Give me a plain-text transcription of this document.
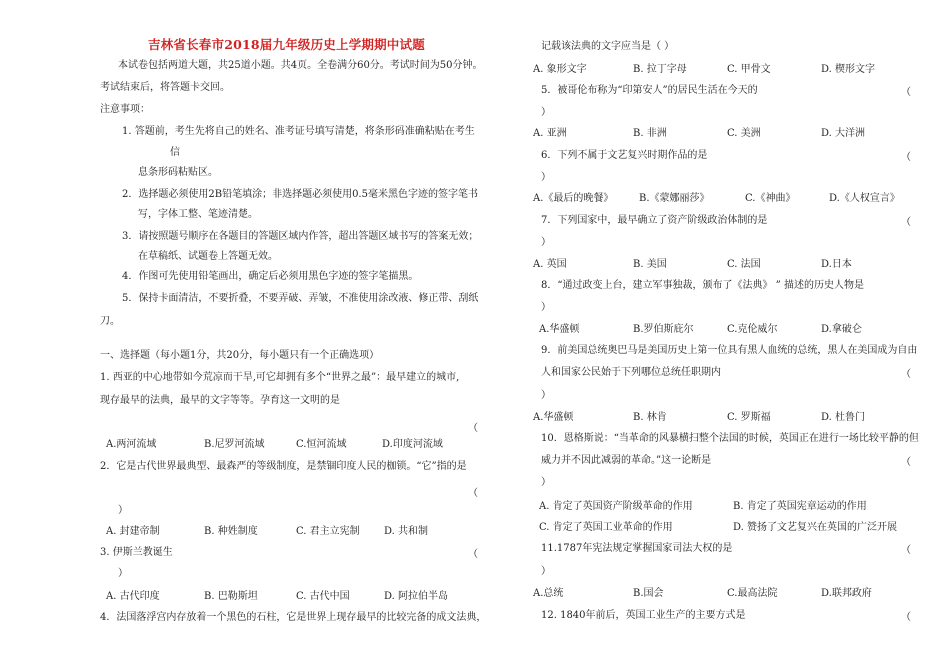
吉林省长春市2018届九年级历史上学期期中试题
本试卷包括两道大题，共25道小题。共4页。全卷满分60分。考试时间为50分钟。
考试结束后，将答题卡交回。
注意事项：
1. 答题前，考生先将自己的姓名、准考证号填写清楚，将条形码准确粘贴在考生
信
息条形码粘贴区。
2．选择题必须使用2B铅笔填涂；非选择题必须使用0.5毫米黑色字迹的签字笔书
写，字体工整、笔迹清楚。
3．请按照题号顺序在各题目的答题区域内作答，超出答题区域书写的答案无效；
在草稿纸、试题卷上答题无效。
4．作图可先使用铅笔画出，确定后必须用黑色字迹的签字笔描黑。
5．保持卡面清洁，不要折叠，不要弄破、弄皱，不准使用涂改液、修正带、刮纸
刀。
一、选择题（每小题1分，共20分，每小题只有一个正确选项）
1. 西亚的中心地带如今荒凉而干旱,可它却拥有多个“世界之最”：最早建立的城市,
现存最早的法典，最早的文字等等。孕育这一文明的是
（
A.两河流域	B.尼罗河流域	C.恒河流域	D.印度河流域
2．它是古代世界最典型、最森严的等级制度，是禁锢印度人民的枷锁。“它”指的是
（
）
A. 封建帝制	B. 种姓制度	C. 君主立宪制 D. 共和制
3. 伊斯兰教诞生	（
）
A. 古代印度	B. 巴勒斯坦	C. 古代中国	D. 阿拉伯半岛
4．法国落浮宫内存放着一个黑色的石柱，它是世界上现存最早的比较完备的成文法典，
记载该法典的文字应当是（ ）
A. 象形文字	B. 拉丁字母	C. 甲骨文	D. 楔形文字
5．被哥伦布称为“印第安人”的居民生活在今天的	（
）
A. 亚洲	B. 非洲	C. 美洲	D. 大洋洲
6．下列不属于文艺复兴时期作品的是	（
）
A.《最后的晚餐》	B.《蒙娜丽莎》	C.《神曲》	D.《人权宣言》
7．下列国家中，最早确立了资产阶级政治体制的是	（
）
A. 英国	B. 美国	C. 法国	D.日本
8．“通过政变上台，建立军事独裁，颁布了《法典》 ” 描述的历史人物是
）
A.华盛顿	B.罗伯斯庇尔	C.克伦威尔	D.拿破仑
9．前美国总统奥巴马是美国历史上第一位具有黑人血统的总统，黑人在美国成为自由
人和国家公民始于下列哪位总统任职期内	（
）
A.华盛顿	B. 林肯	C. 罗斯福	D. 杜鲁门
10．恩格斯说：“当革命的风暴横扫整个法国的时候，英国正在进行一场比较平静的但
威力并不因此减弱的革命。”这一论断是	（
）
A. 肯定了英国资产阶级革命的作用	B. 肯定了英国宪章运动的作用
C. 肯定了英国工业革命的作用	D. 赞扬了文艺复兴在英国的广泛开展
11.1787年宪法规定掌握国家司法大权的是	（
）
A.总统	B.国会	C.最高法院	D.联邦政府
12. 1840年前后，英国工业生产的主要方式是	（
